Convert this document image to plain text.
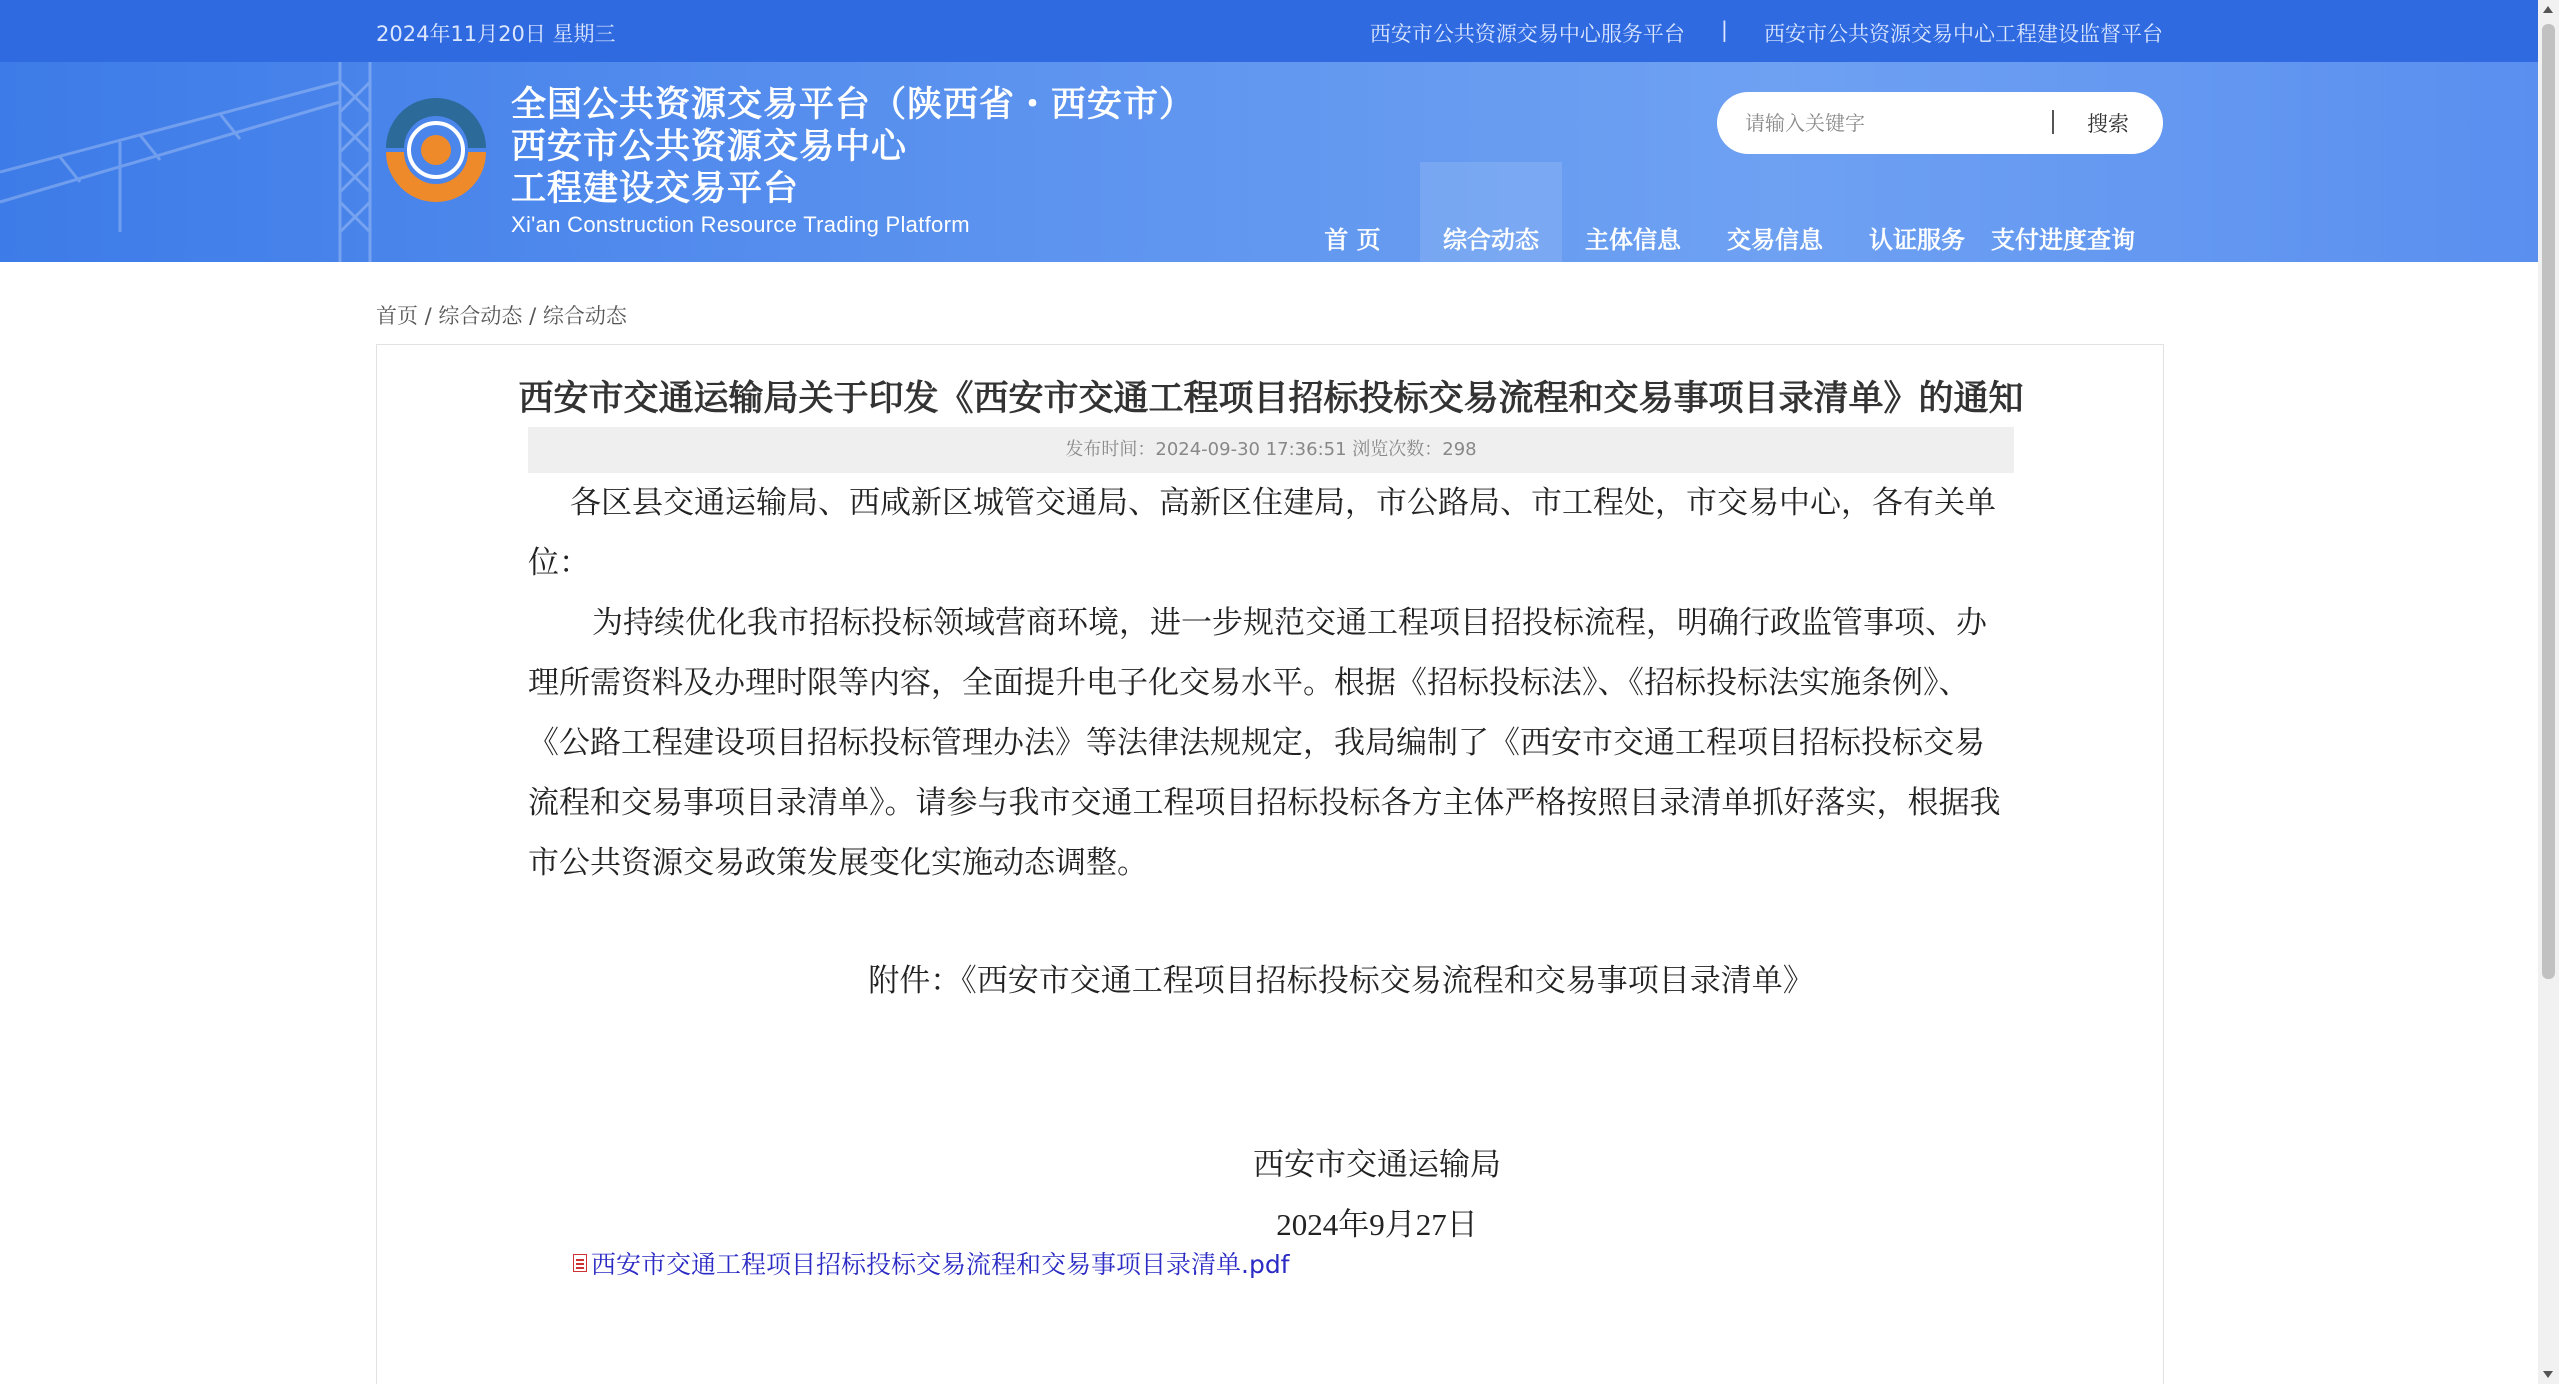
2024年11月20日 星期三	西安市公共资源交易中心服务平台 | 西安市公共资源交易中心工程建设监督平台
全国公共资源交易平台（陕西省・西安市）
西安市公共资源交易中心
工程建设交易平台
Xi'an Construction Resource Trading Platform
请输入关键字
搜索
首 页	综合动态	主体信息	交易信息	认证服务	支付进度查询
首页 / 综合动态 / 综合动态
西安市交通运输局关于印发《西安市交通工程项目招标投标交易流程和交易事项目录清单》的通知
发布时间：2024-09-30 17:36:51 浏览次数：298

各区县交通运输局、西咸新区城管交通局、高新区住建局，市公路局、市工程处，市交易中心，各有关单位：

为持续优化我市招标投标领域营商环境，进一步规范交通工程项目招投标流程，明确行政监管事项、办理所需资料及办理时限等内容，全面提升电子化交易水平。根据《招标投标法》、《招标投标法实施条例》、《公路工程建设项目招标投标管理办法》等法律法规规定，我局编制了《西安市交通工程项目招标投标交易流程和交易事项目录清单》。请参与我市交通工程项目招标投标各方主体严格按照目录清单抓好落实，根据我市公共资源交易政策发展变化实施动态调整。

附件：《西安市交通工程项目招标投标交易流程和交易事项目录清单》
西安市交通运输局
2024年9月27日
西安市交通工程项目招标投标交易流程和交易事项目录清单.pdf
